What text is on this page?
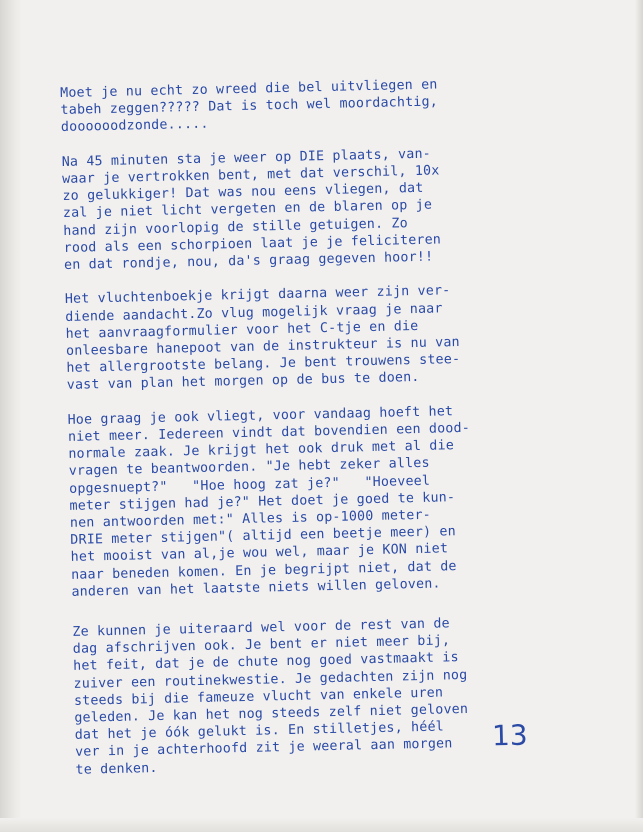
Moet je nu echt zo wreed die bel uitvliegen en
tabeh zeggen????? Dat is toch wel moordachtig,
doooooodzonde.....

Na 45 minuten sta je weer op DIE plaats, van-
waar je vertrokken bent, met dat verschil, 10x
zo gelukkiger! Dat was nou eens vliegen, dat
zal je niet licht vergeten en de blaren op je
hand zijn voorlopig de stille getuigen. Zo
rood als een schorpioen laat je je feliciteren
en dat rondje, nou, da's graag gegeven hoor!!

Het vluchtenboekje krijgt daarna weer zijn ver-
diende aandacht.Zo vlug mogelijk vraag je naar
het aanvraagformulier voor het C-tje en die
onleesbare hanepoot van de instrukteur is nu van
het allergrootste belang. Je bent trouwens stee-
vast van plan het morgen op de bus te doen.

Hoe graag je ook vliegt, voor vandaag hoeft het
niet meer. Iedereen vindt dat bovendien een dood-
normale zaak. Je krijgt het ook druk met al die
vragen te beantwoorden. "Je hebt zeker alles
opgesnuept?"   "Hoe hoog zat je?"   "Hoeveel
meter stijgen had je?" Het doet je goed te kun-
nen antwoorden met:" Alles is op-1000 meter-
DRIE meter stijgen"( altijd een beetje meer) en
het mooist van al,je wou wel, maar je KON niet
naar beneden komen. En je begrijpt niet, dat de
anderen van het laatste niets willen geloven.

Ze kunnen je uiteraard wel voor de rest van de
dag afschrijven ook. Je bent er niet meer bij,
het feit, dat je de chute nog goed vastmaakt is
zuiver een routinekwestie. Je gedachten zijn nog
steeds bij die fameuze vlucht van enkele uren
geleden. Je kan het nog steeds zelf niet geloven
dat het je óók gelukt is. En stilletjes, héél
ver in je achterhoofd zit je weeral aan morgen
te denken.

13
